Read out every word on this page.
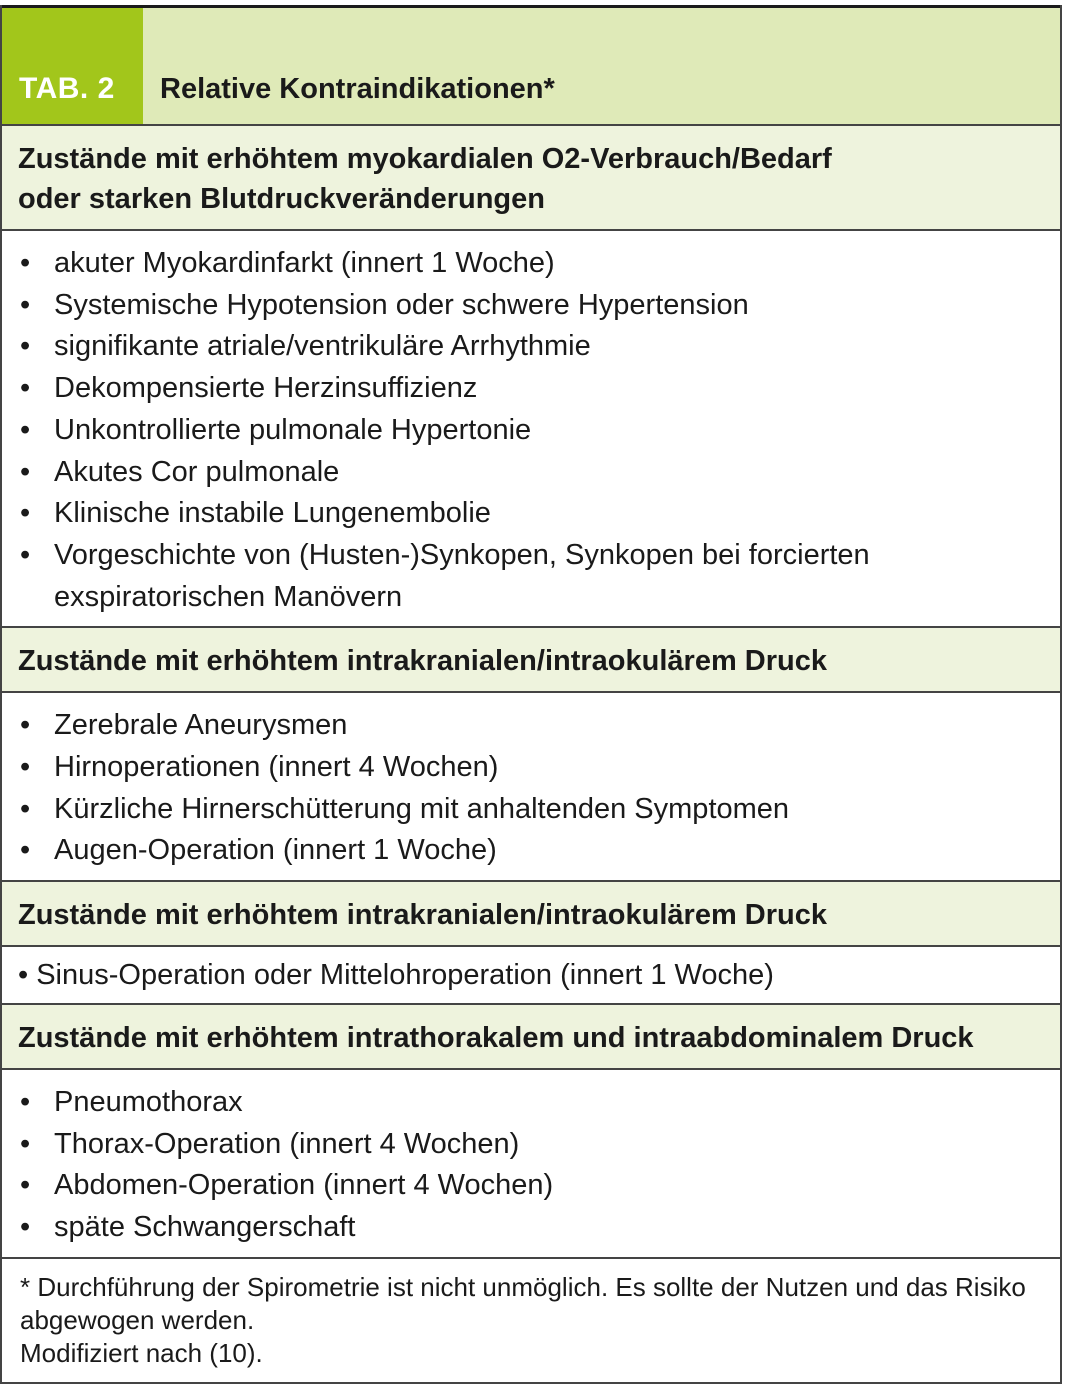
TAB. 2	Relative Kontraindikationen*
Zustände mit erhöhtem myokardialen O2-Verbrauch/Bedarf
oder starken Blutdruckveränderungen
• akuter Myokardinfarkt (innert 1 Woche)
• Systemische Hypotension oder schwere Hypertension
• signifikante atriale/ventrikuläre Arrhythmie
• Dekompensierte Herzinsuffizienz
• Unkontrollierte pulmonale Hypertonie
• Akutes Cor pulmonale
• Klinische instabile Lungenembolie
• Vorgeschichte von (Husten-)Synkopen, Synkopen bei forcierten exspiratorischen Manövern
Zustände mit erhöhtem intrakranialen/intraokulärem Druck
• Zerebrale Aneurysmen
• Hirnoperationen (innert 4 Wochen)
• Kürzliche Hirnerschütterung mit anhaltenden Symptomen
• Augen-Operation (innert 1 Woche)
Zustände mit erhöhtem intrakranialen/intraokulärem Druck
• Sinus-Operation oder Mittelohroperation (innert 1 Woche)
Zustände mit erhöhtem intrathorakalem und intraabdominalem Druck
• Pneumothorax
• Thorax-Operation (innert 4 Wochen)
• Abdomen-Operation (innert 4 Wochen)
• späte Schwangerschaft

* Durchführung der Spirometrie ist nicht unmöglich. Es sollte der Nutzen und das Risiko abgewogen werden.

Modifiziert nach (10).
